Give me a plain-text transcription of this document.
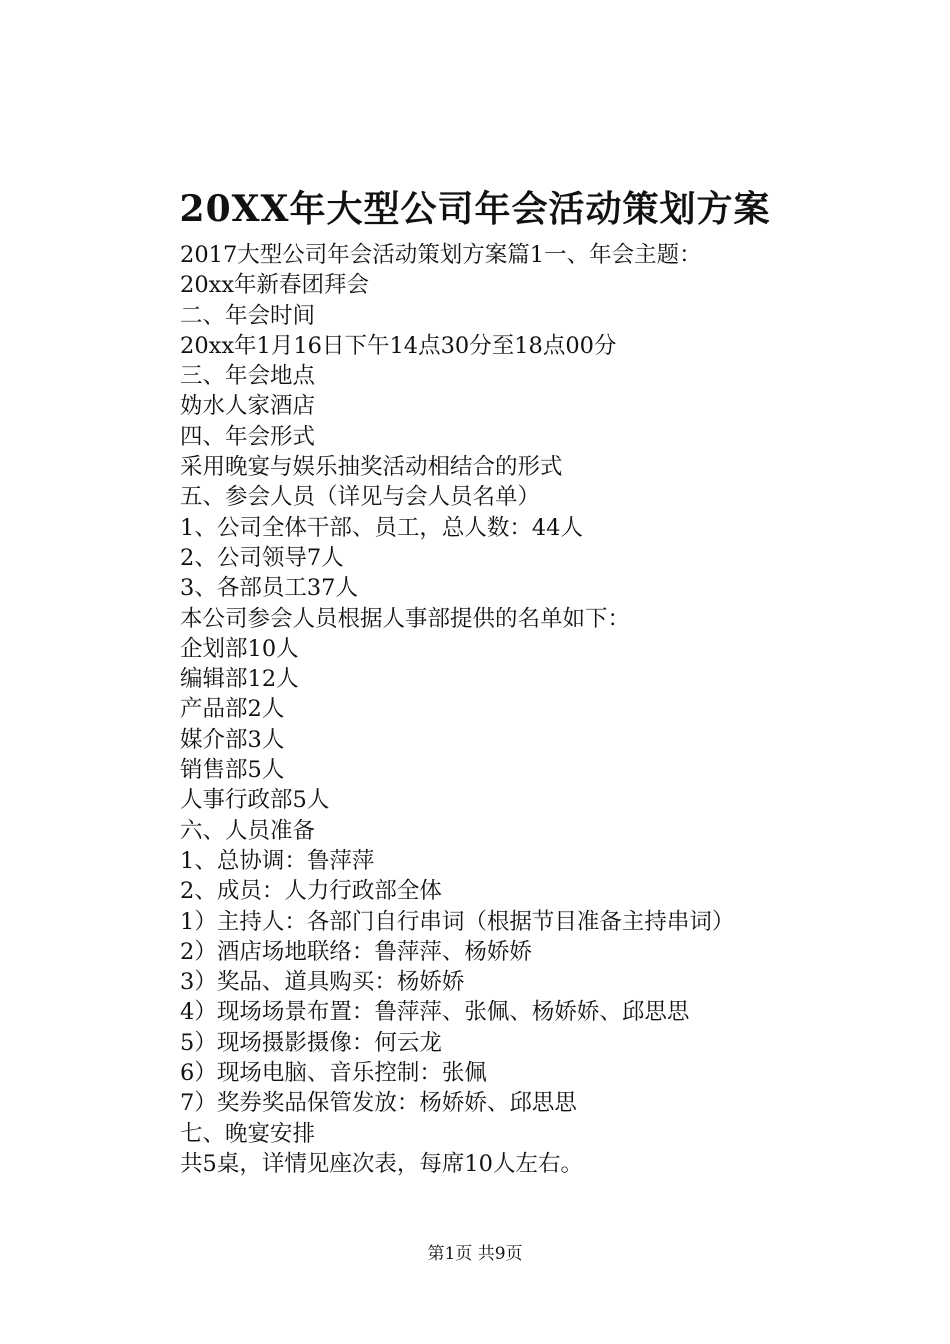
20XX年大型公司年会活动策划方案
2017大型公司年会活动策划方案篇1一、年会主题：
20xx年新春团拜会
二、年会时间
20xx年1月16日下午14点30分至18点00分
三、年会地点
妫水人家酒店
四、年会形式
采用晚宴与娱乐抽奖活动相结合的形式
五、参会人员（详见与会人员名单）
1、公司全体干部、员工，总人数：44人
2、公司领导7人
3、各部员工37人
本公司参会人员根据人事部提供的名单如下：
企划部10人
编辑部12人
产品部2人
媒介部3人
销售部5人
人事行政部5人
六、人员准备
1、总协调：鲁萍萍
2、成员：人力行政部全体
1）主持人：各部门自行串词（根据节目准备主持串词）
2）酒店场地联络：鲁萍萍、杨娇娇
3）奖品、道具购买：杨娇娇
4）现场场景布置：鲁萍萍、张佩、杨娇娇、邱思思
5）现场摄影摄像：何云龙
6）现场电脑、音乐控制：张佩
7）奖券奖品保管发放：杨娇娇、邱思思
七、晚宴安排
共5桌，详情见座次表，每席10人左右。
第1页 共9页
